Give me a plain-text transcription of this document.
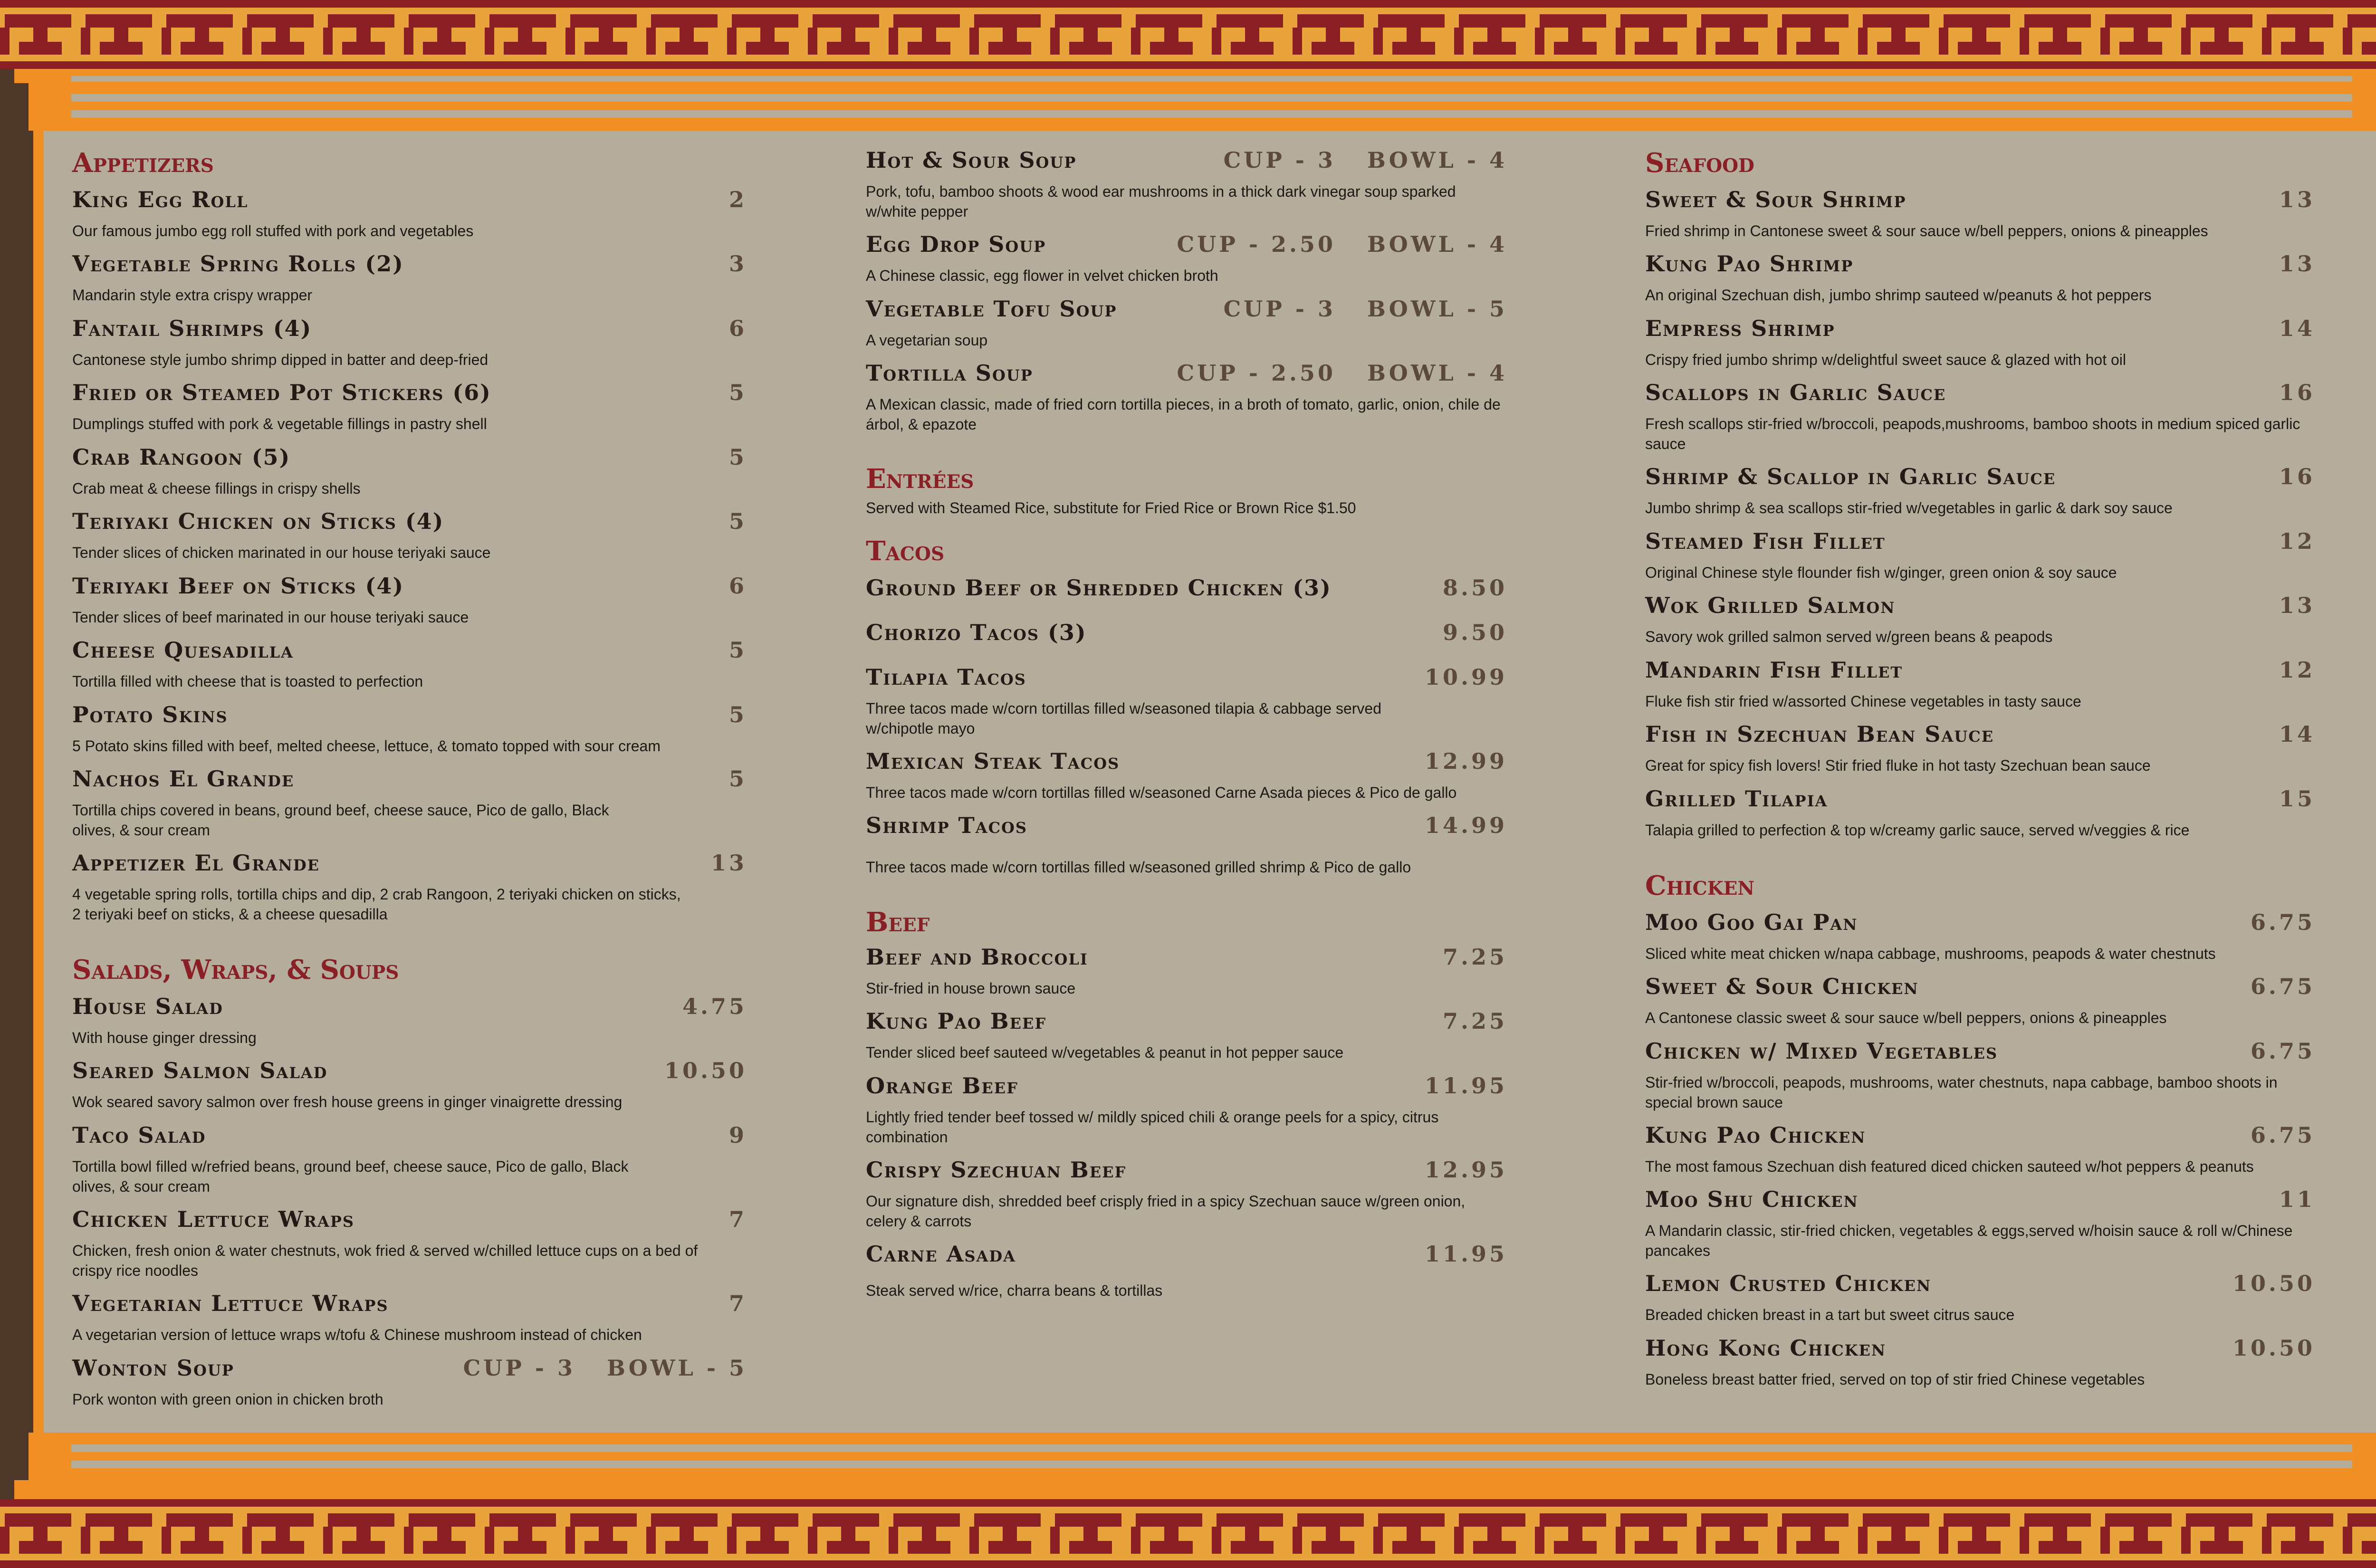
Appetizers
King Egg Roll	2
Our famous jumbo egg roll stuffed with pork and vegetables
Vegetable Spring Rolls (2)	3
Mandarin style extra crispy wrapper
Fantail Shrimps (4)	6
Cantonese style jumbo shrimp dipped in batter and deep-fried
Fried or Steamed Pot Stickers (6)	5
Dumplings stuffed with pork & vegetable fillings in pastry shell
Crab Rangoon (5)	5
Crab meat & cheese fillings in crispy shells
Teriyaki Chicken on Sticks (4)	5
Tender slices of chicken marinated in our house teriyaki sauce
Teriyaki Beef on Sticks (4)	6
Tender slices of beef marinated in our house teriyaki sauce
Cheese Quesadilla	5
Tortilla filled with cheese that is toasted to perfection
Potato Skins	5
5 Potato skins filled with beef, melted cheese, lettuce, & tomato topped with sour cream
Nachos El Grande	5
Tortilla chips covered in beans, ground beef, cheese sauce, Pico de gallo, Black olives, & sour cream
Appetizer El Grande	13
4 vegetable spring rolls, tortilla chips and dip, 2 crab Rangoon, 2 teriyaki chicken on sticks, 2 teriyaki beef on sticks, & a cheese quesadilla
Salads, Wraps, & Soups
House Salad	4.75
With house ginger dressing
Seared Salmon Salad	10.50
Wok seared savory salmon over fresh house greens in ginger vinaigrette dressing
Taco Salad	9
Tortilla bowl filled w/refried beans, ground beef, cheese sauce, Pico de gallo, Black olives, & sour cream
Chicken Lettuce Wraps	7
Chicken, fresh onion & water chestnuts, wok fried & served w/chilled lettuce cups on a bed of crispy rice noodles
Vegetarian Lettuce Wraps	7
A vegetarian version of lettuce wraps w/tofu & Chinese mushroom instead of chicken
Wonton Soup	CUP - 3   BOWL - 5
Pork wonton with green onion in chicken broth
Hot & Sour Soup	CUP - 3   BOWL - 4
Pork, tofu, bamboo shoots & wood ear mushrooms in a thick dark vinegar soup sparked w/white pepper
Egg Drop Soup	CUP - 2.50   BOWL - 4
A Chinese classic, egg flower in velvet chicken broth
Vegetable Tofu Soup	CUP - 3   BOWL - 5
A vegetarian soup
Tortilla Soup	CUP - 2.50   BOWL - 4
A Mexican classic, made of fried corn tortilla pieces, in a broth of tomato, garlic, onion, chile de árbol, & epazote
Entrées
Served with Steamed Rice, substitute for Fried Rice or Brown Rice $1.50
Tacos
Ground Beef or Shredded Chicken (3)	8.50
Chorizo Tacos (3)	9.50
Tilapia Tacos	10.99
Three tacos made w/corn tortillas filled w/seasoned tilapia & cabbage served w/chipotle mayo
Mexican Steak Tacos	12.99
Three tacos made w/corn tortillas filled w/seasoned Carne Asada pieces & Pico de gallo
Shrimp Tacos	14.99
Three tacos made w/corn tortillas filled w/seasoned grilled shrimp & Pico de gallo
Beef
Beef and Broccoli	7.25
Stir-fried in house brown sauce
Kung Pao Beef	7.25
Tender sliced beef sauteed w/vegetables & peanut in hot pepper sauce
Orange Beef	11.95
Lightly fried tender beef tossed w/ mildly spiced chili & orange peels for a spicy, citrus combination
Crispy Szechuan Beef	12.95
Our signature dish, shredded beef crisply fried in a spicy Szechuan sauce w/green onion, celery & carrots
Carne Asada	11.95
Steak served w/rice, charra beans & tortillas
Seafood
Sweet & Sour Shrimp	13
Fried shrimp in Cantonese sweet & sour sauce w/bell peppers, onions & pineapples
Kung Pao Shrimp	13
An original Szechuan dish, jumbo shrimp sauteed w/peanuts & hot peppers
Empress Shrimp	14
Crispy fried jumbo shrimp w/delightful sweet sauce & glazed with hot oil
Scallops in Garlic Sauce	16
Fresh scallops stir-fried w/broccoli, peapods,mushrooms, bamboo shoots in medium spiced garlic sauce
Shrimp & Scallop in Garlic Sauce	16
Jumbo shrimp & sea scallops stir-fried w/vegetables in garlic & dark soy sauce
Steamed Fish Fillet	12
Original Chinese style flounder fish w/ginger, green onion & soy sauce
Wok Grilled Salmon	13
Savory wok grilled salmon served w/green beans & peapods
Mandarin Fish Fillet	12
Fluke fish stir fried w/assorted Chinese vegetables in tasty sauce
Fish in Szechuan Bean Sauce	14
Great for spicy fish lovers! Stir fried fluke in hot tasty Szechuan bean sauce
Grilled Tilapia	15
Talapia grilled to perfection & top w/creamy garlic sauce, served w/veggies & rice
Chicken
Moo Goo Gai Pan	6.75
Sliced white meat chicken w/napa cabbage, mushrooms, peapods & water chestnuts
Sweet & Sour Chicken	6.75
A Cantonese classic sweet & sour sauce w/bell peppers, onions & pineapples
Chicken w/ Mixed Vegetables	6.75
Stir-fried w/broccoli, peapods, mushrooms, water chestnuts, napa cabbage, bamboo shoots in special brown sauce
Kung Pao Chicken	6.75
The most famous Szechuan dish featured diced chicken sauteed w/hot peppers & peanuts
Moo Shu Chicken	11
A Mandarin classic, stir-fried chicken, vegetables & eggs,served w/hoisin sauce & roll w/Chinese pancakes
Lemon Crusted Chicken	10.50
Breaded chicken breast in a tart but sweet citrus sauce
Hong Kong Chicken	10.50
Boneless breast batter fried, served on top of stir fried Chinese vegetables
